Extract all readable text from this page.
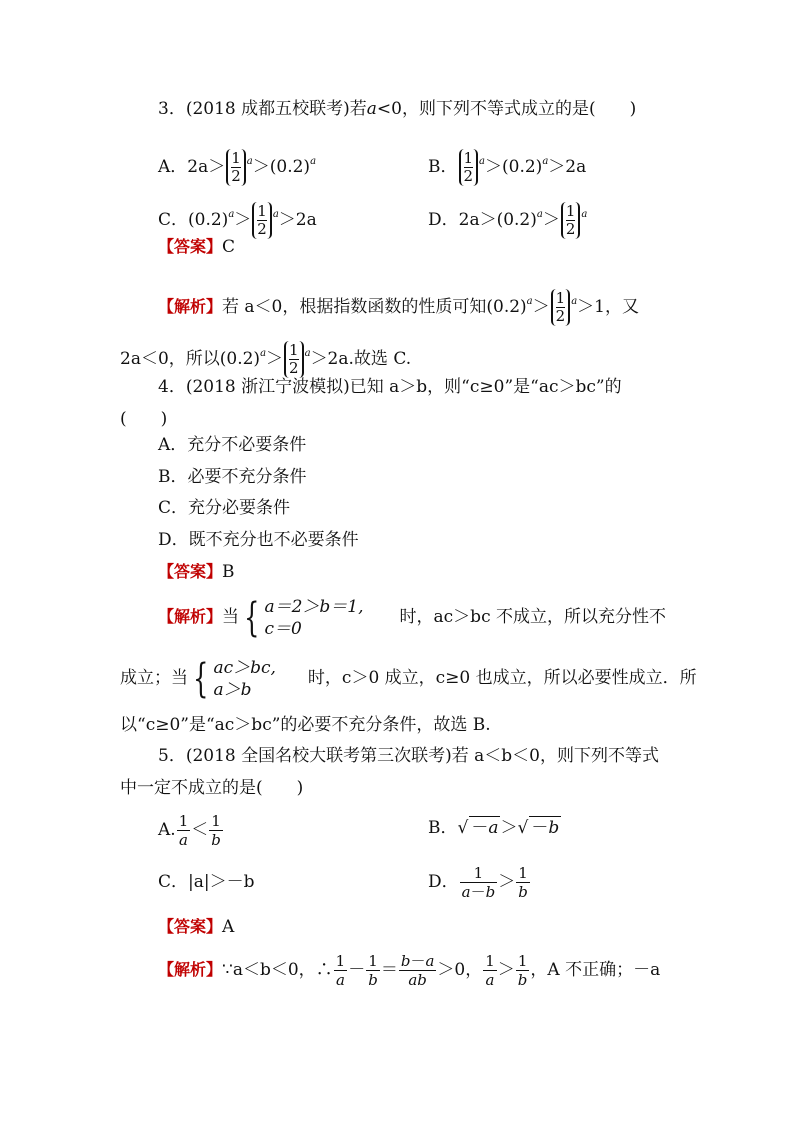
3．(2018 成都五校联考)若a<0，则下列不等式成立的是(　　)
A．$2a> \frac{1}{2}^a>(0.2)^a$	B． $\frac{1}{2}^a>(0.2)^a>2a$
C．$(0.2)^a> \frac{1}{2}^a>2a$	D．$2a>(0.2)^a> \frac{1}{2}^a$
【答案】C
【解析】若 a＜0，根据指数函数的性质可知$(0.2)^a> \frac{1}{2}^a>1$，又
2a＜0，所以$(0.2)^a> \frac{1}{2}^a>2a$.故选 C.
4．(2018 浙江宁波模拟)已知 a＞b，则“c≥0”是“ac＞bc”的
(　　)
A．充分不必要条件
B．必要不充分条件
C．充分必要条件
D．既不充分也不必要条件
【答案】B
【解析】当 { a＝2＞b＝1,
c＝0
时，ac＞bc 不成立，所以充分性不
成立；当 { ac＞bc,
a＞b
时，c＞0 成立，c≥0 也成立，所以必要性成立．所
以“c≥0”是“ac＞bc”的必要不充分条件，故选 B.
5．(2018 全国名校大联考第三次联考)若 a＜b＜0，则下列不等式
中一定不成立的是(　　)
A. $\frac{1}{a} < \frac{1}{b}$	B．√ －a ＞√ －b
C．|a|＞－b	D． $\frac{1}{a-b} > \frac{1}{b}$
【答案】A
【解析】∵a＜b＜0，∴ $\frac{1}{a} - \frac{1}{b} = \frac{b-a}{ab} >0$， $\frac{1}{a} > \frac{1}{b}$ ，A 不正确；－a
